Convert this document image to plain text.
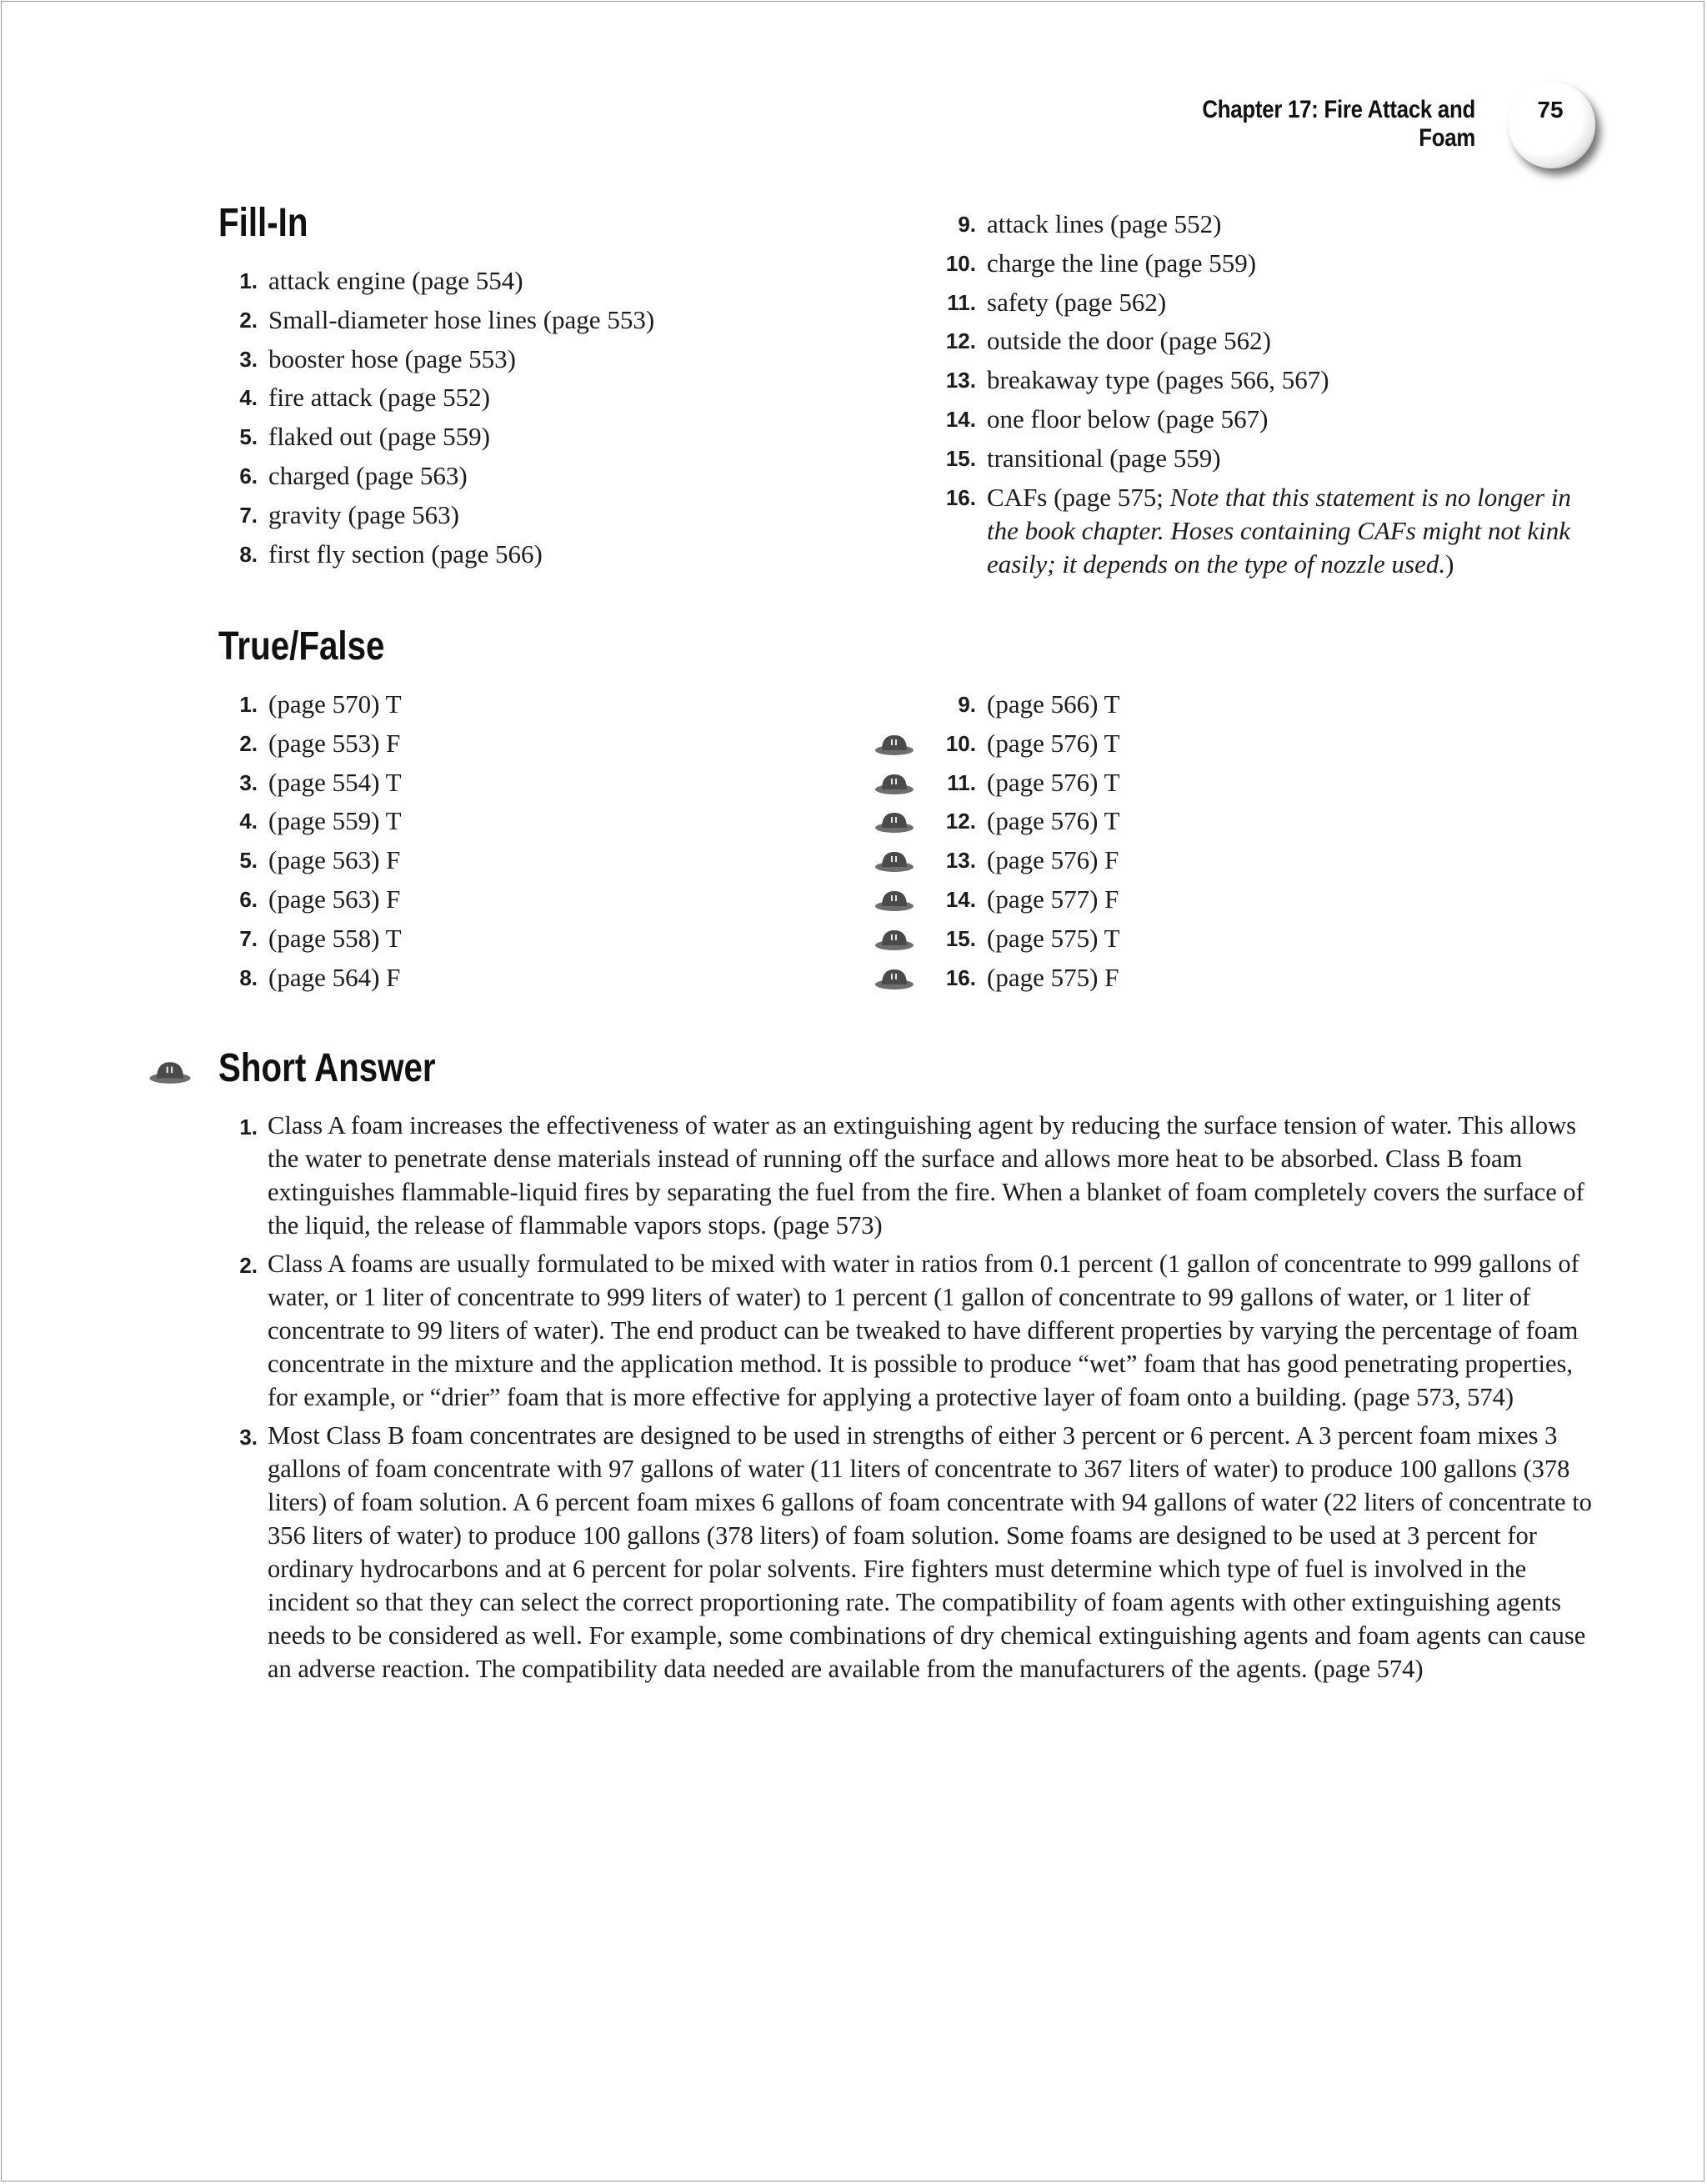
Chapter 17: Fire Attack and Foam
75
Fill-In
1. attack engine (page 554)
2. Small-diameter hose lines (page 553)
3. booster hose (page 553)
4. fire attack (page 552)
5. flaked out (page 559)
6. charged (page 563)
7. gravity (page 563)
8. first fly section (page 566)
9. attack lines (page 552)
10. charge the line (page 559)
11. safety (page 562)
12. outside the door (page 562)
13. breakaway type (pages 566, 567)
14. one floor below (page 567)
15. transitional (page 559)
16. CAFs (page 575; Note that this statement is no longer in the book chapter. Hoses containing CAFs might not kink easily; it depends on the type of nozzle used.)
True/False
1. (page 570) T
2. (page 553) F
3. (page 554) T
4. (page 559) T
5. (page 563) F
6. (page 563) F
7. (page 558) T
8. (page 564) F
9. (page 566) T
10. (page 576) T
11. (page 576) T
12. (page 576) T
13. (page 576) F
14. (page 577) F
15. (page 575) T
16. (page 575) F
Short Answer
1. Class A foam increases the effectiveness of water as an extinguishing agent by reducing the surface tension of water. This allows the water to penetrate dense materials instead of running off the surface and allows more heat to be absorbed. Class B foam extinguishes flammable-liquid fires by separating the fuel from the fire. When a blanket of foam completely covers the surface of the liquid, the release of flammable vapors stops. (page 573)
2. Class A foams are usually formulated to be mixed with water in ratios from 0.1 percent (1 gallon of concentrate to 999 gallons of water, or 1 liter of concentrate to 999 liters of water) to 1 percent (1 gallon of concentrate to 99 gallons of water, or 1 liter of concentrate to 99 liters of water). The end product can be tweaked to have different properties by varying the percentage of foam concentrate in the mixture and the application method. It is possible to produce “wet” foam that has good penetrating properties, for example, or “drier” foam that is more effective for applying a protective layer of foam onto a building. (page 573, 574)
3. Most Class B foam concentrates are designed to be used in strengths of either 3 percent or 6 percent. A 3 percent foam mixes 3 gallons of foam concentrate with 97 gallons of water (11 liters of concentrate to 367 liters of water) to produce 100 gallons (378 liters) of foam solution. A 6 percent foam mixes 6 gallons of foam concentrate with 94 gallons of water (22 liters of concentrate to 356 liters of water) to produce 100 gallons (378 liters) of foam solution. Some foams are designed to be used at 3 percent for ordinary hydrocarbons and at 6 percent for polar solvents. Fire fighters must determine which type of fuel is involved in the incident so that they can select the correct proportioning rate. The compatibility of foam agents with other extinguishing agents needs to be considered as well. For example, some combinations of dry chemical extinguishing agents and foam agents can cause an adverse reaction. The compatibility data needed are available from the manufacturers of the agents. (page 574)
